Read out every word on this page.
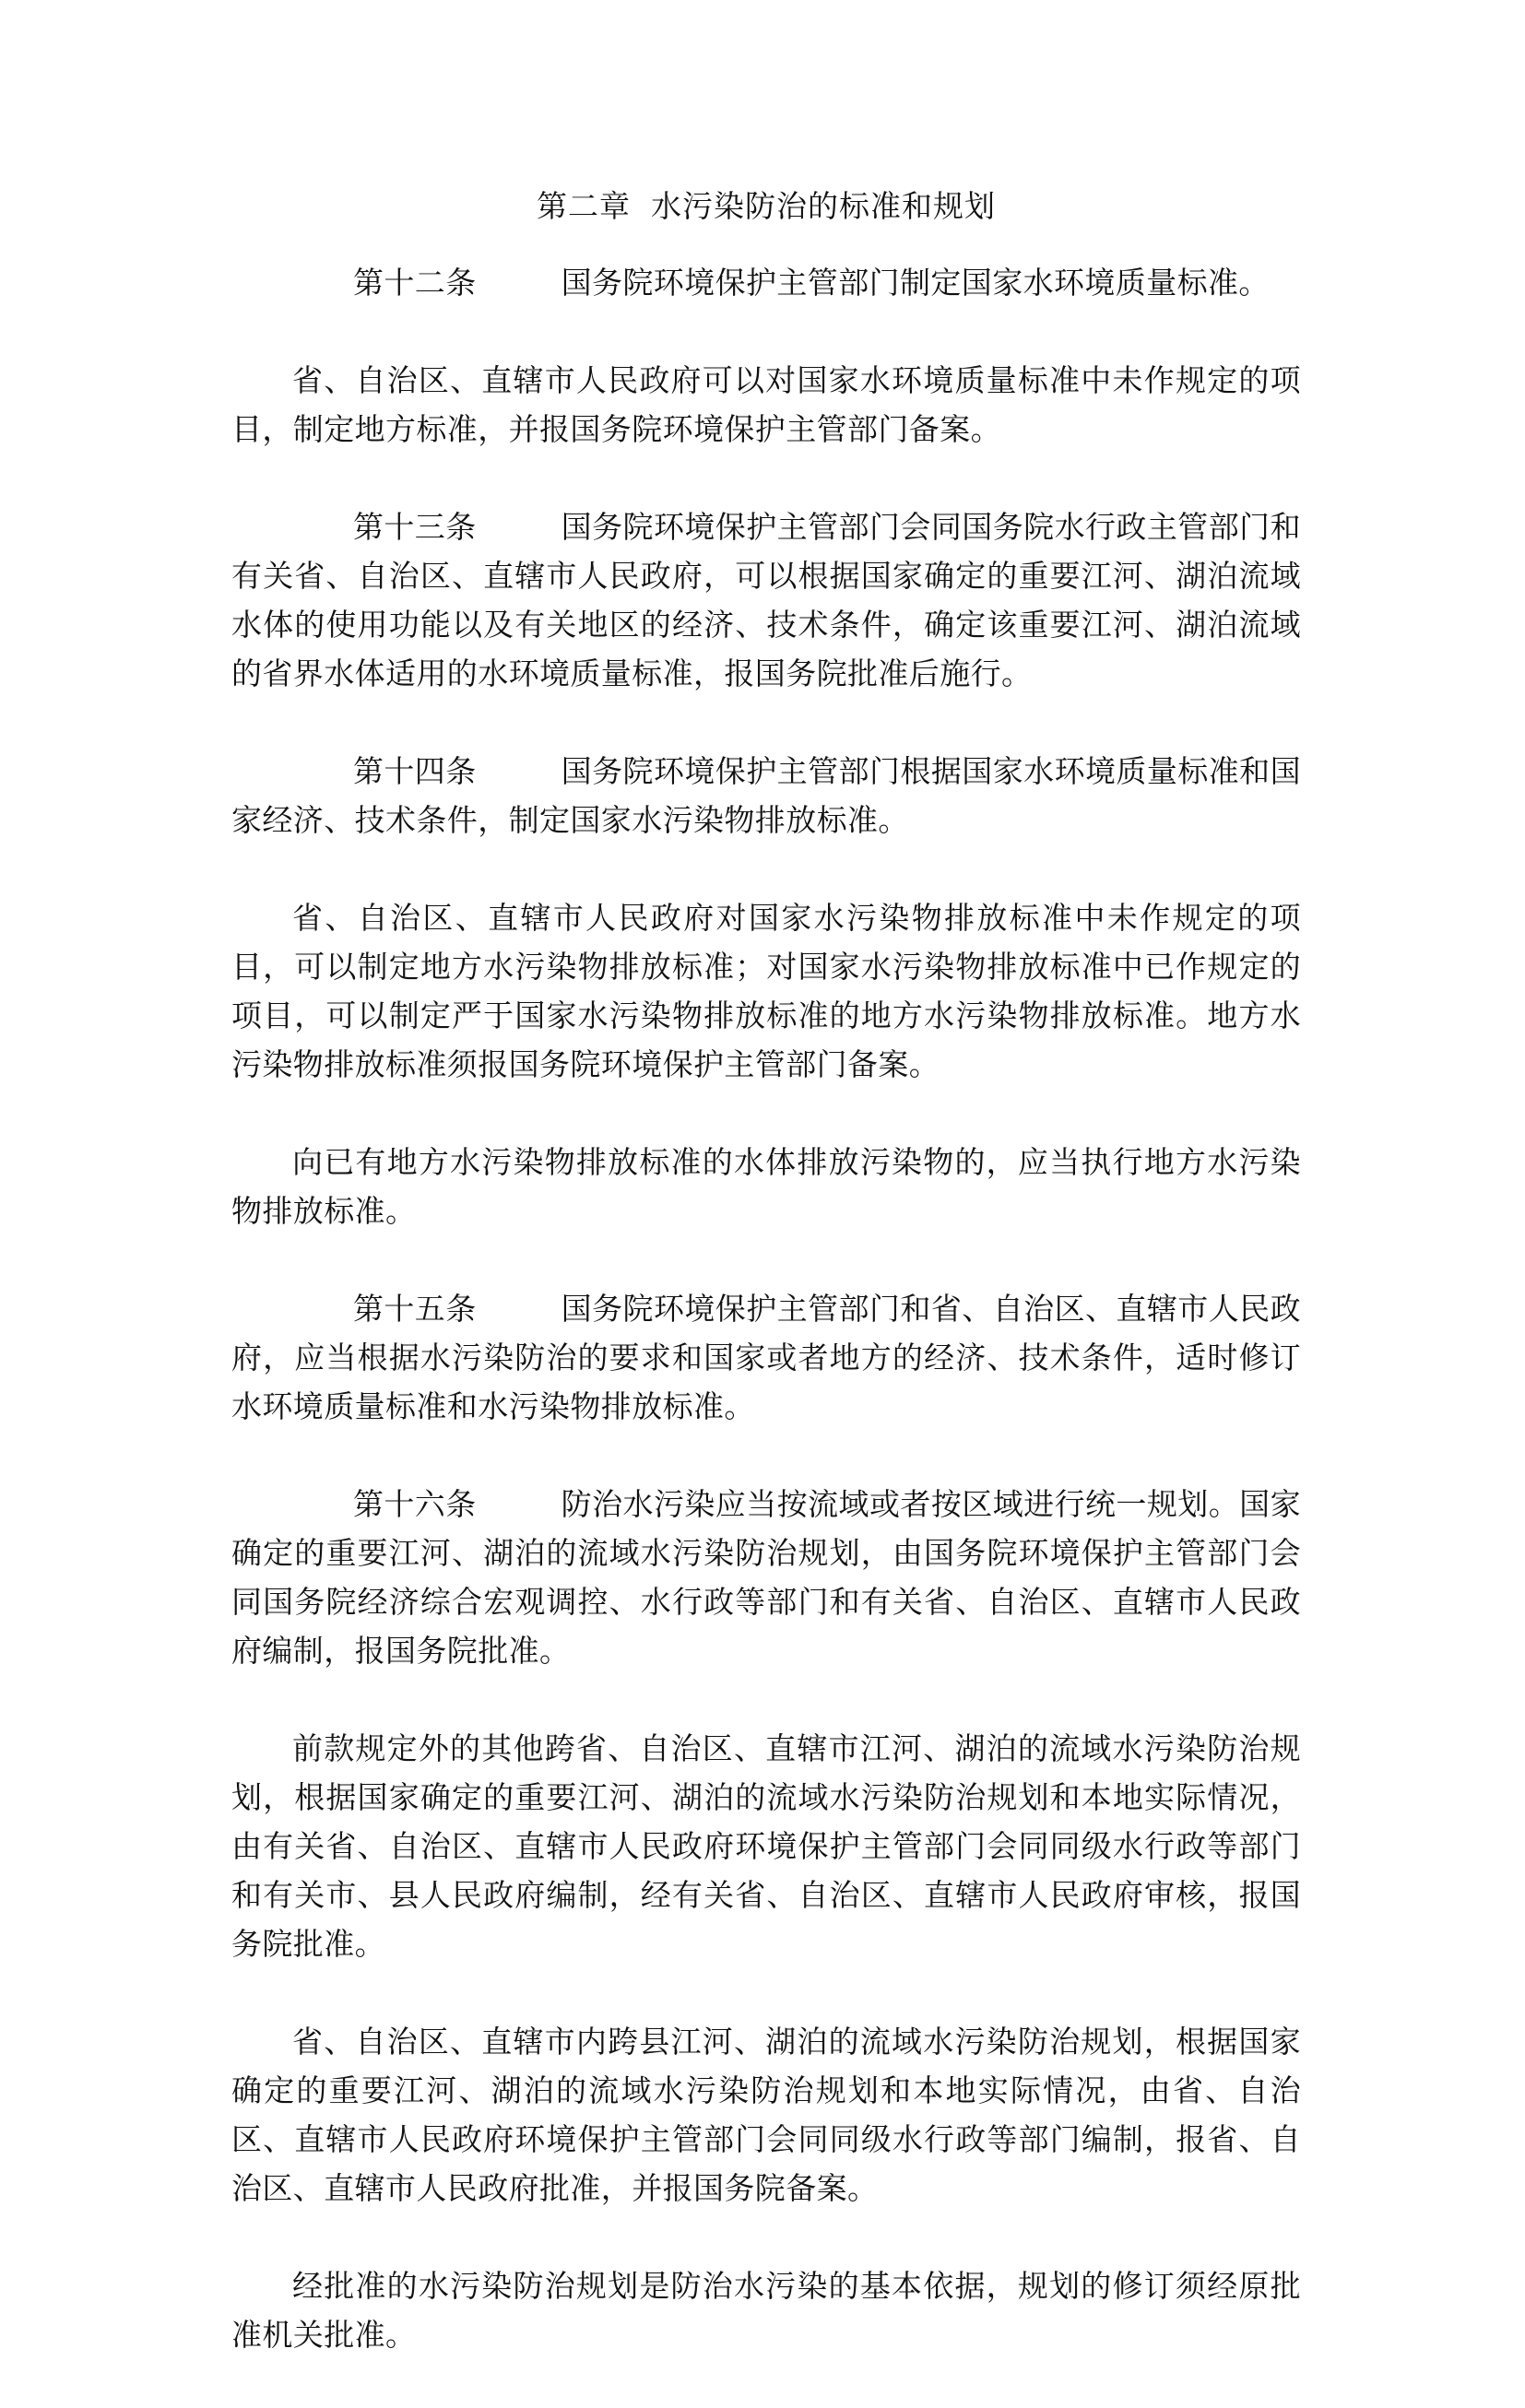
第二章 水污染防治的标准和规划

第十二条	国务院环境保护主管部门制定国家水环境质量标准。

省、自治区、直辖市人民政府可以对国家水环境质量标准中未作规定的项目，制定地方标准，并报国务院环境保护主管部门备案。

第十三条	国务院环境保护主管部门会同国务院水行政主管部门和有关省、自治区、直辖市人民政府，可以根据国家确定的重要江河、湖泊流域水体的使用功能以及有关地区的经济、技术条件，确定该重要江河、湖泊流域的省界水体适用的水环境质量标准，报国务院批准后施行。

第十四条	国务院环境保护主管部门根据国家水环境质量标准和国家经济、技术条件，制定国家水污染物排放标准。

省、自治区、直辖市人民政府对国家水污染物排放标准中未作规定的项目，可以制定地方水污染物排放标准；对国家水污染物排放标准中已作规定的项目，可以制定严于国家水污染物排放标准的地方水污染物排放标准。地方水污染物排放标准须报国务院环境保护主管部门备案。

向已有地方水污染物排放标准的水体排放污染物的，应当执行地方水污染物排放标准。

第十五条	国务院环境保护主管部门和省、自治区、直辖市人民政府，应当根据水污染防治的要求和国家或者地方的经济、技术条件，适时修订水环境质量标准和水污染物排放标准。

第十六条	防治水污染应当按流域或者按区域进行统一规划。国家确定的重要江河、湖泊的流域水污染防治规划，由国务院环境保护主管部门会同国务院经济综合宏观调控、水行政等部门和有关省、自治区、直辖市人民政府编制，报国务院批准。

前款规定外的其他跨省、自治区、直辖市江河、湖泊的流域水污染防治规划，根据国家确定的重要江河、湖泊的流域水污染防治规划和本地实际情况，由有关省、自治区、直辖市人民政府环境保护主管部门会同同级水行政等部门和有关市、县人民政府编制，经有关省、自治区、直辖市人民政府审核，报国务院批准。

省、自治区、直辖市内跨县江河、湖泊的流域水污染防治规划，根据国家确定的重要江河、湖泊的流域水污染防治规划和本地实际情况，由省、自治区、直辖市人民政府环境保护主管部门会同同级水行政等部门编制，报省、自治区、直辖市人民政府批准，并报国务院备案。

经批准的水污染防治规划是防治水污染的基本依据，规划的修订须经原批准机关批准。
